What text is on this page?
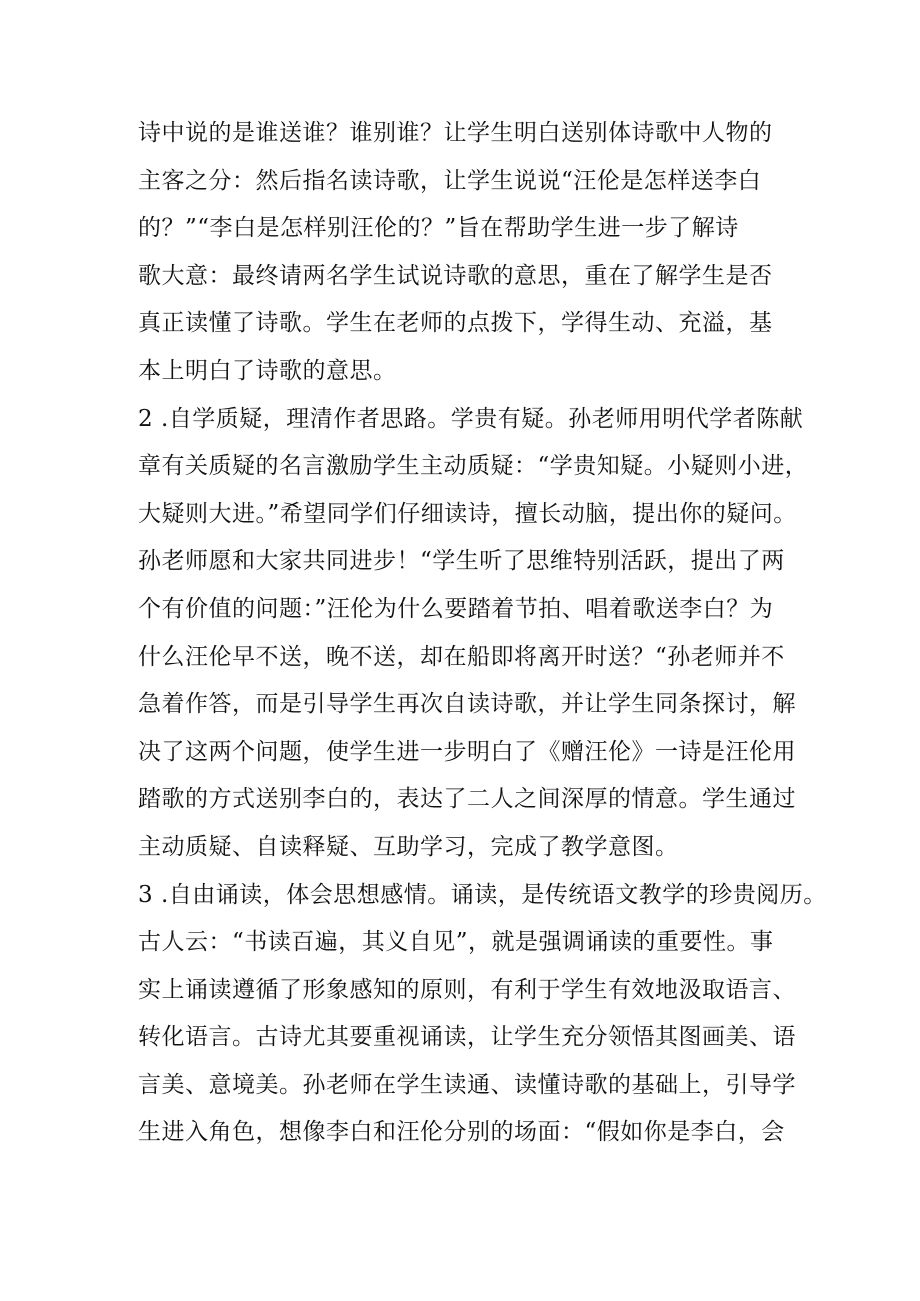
诗中说的是谁送谁？谁别谁？让学生明白送别体诗歌中人物的
主客之分：然后指名读诗歌，让学生说说“汪伦是怎样送李白
的？”“李白是怎样别汪伦的？”旨在帮助学生进一步了解诗
歌大意：最终请两名学生试说诗歌的意思，重在了解学生是否
真正读懂了诗歌。学生在老师的点拨下，学得生动、充溢，基
本上明白了诗歌的意思。
2 .自学质疑，理清作者思路。学贵有疑。孙老师用明代学者陈献
章有关质疑的名言激励学生主动质疑：“学贵知疑。小疑则小进，
大疑则大进。”希望同学们仔细读诗，擅长动脑，提出你的疑问。
孙老师愿和大家共同进步！“学生听了思维特别活跃，提出了两
个有价值的问题：”汪伦为什么要踏着节拍、唱着歌送李白？为
什么汪伦早不送，晚不送，却在船即将离开时送？“孙老师并不
急着作答，而是引导学生再次自读诗歌，并让学生同条探讨，解
决了这两个问题，使学生进一步明白了《赠汪伦》一诗是汪伦用
踏歌的方式送别李白的，表达了二人之间深厚的情意。学生通过
主动质疑、自读释疑、互助学习，完成了教学意图。
3 .自由诵读，体会思想感情。诵读，是传统语文教学的珍贵阅历。
古人云：“书读百遍，其义自见”，就是强调诵读的重要性。事
实上诵读遵循了形象感知的原则，有利于学生有效地汲取语言、
转化语言。古诗尤其要重视诵读，让学生充分领悟其图画美、语
言美、意境美。孙老师在学生读通、读懂诗歌的基础上，引导学
生进入角色，想像李白和汪伦分别的场面：“假如你是李白，会
